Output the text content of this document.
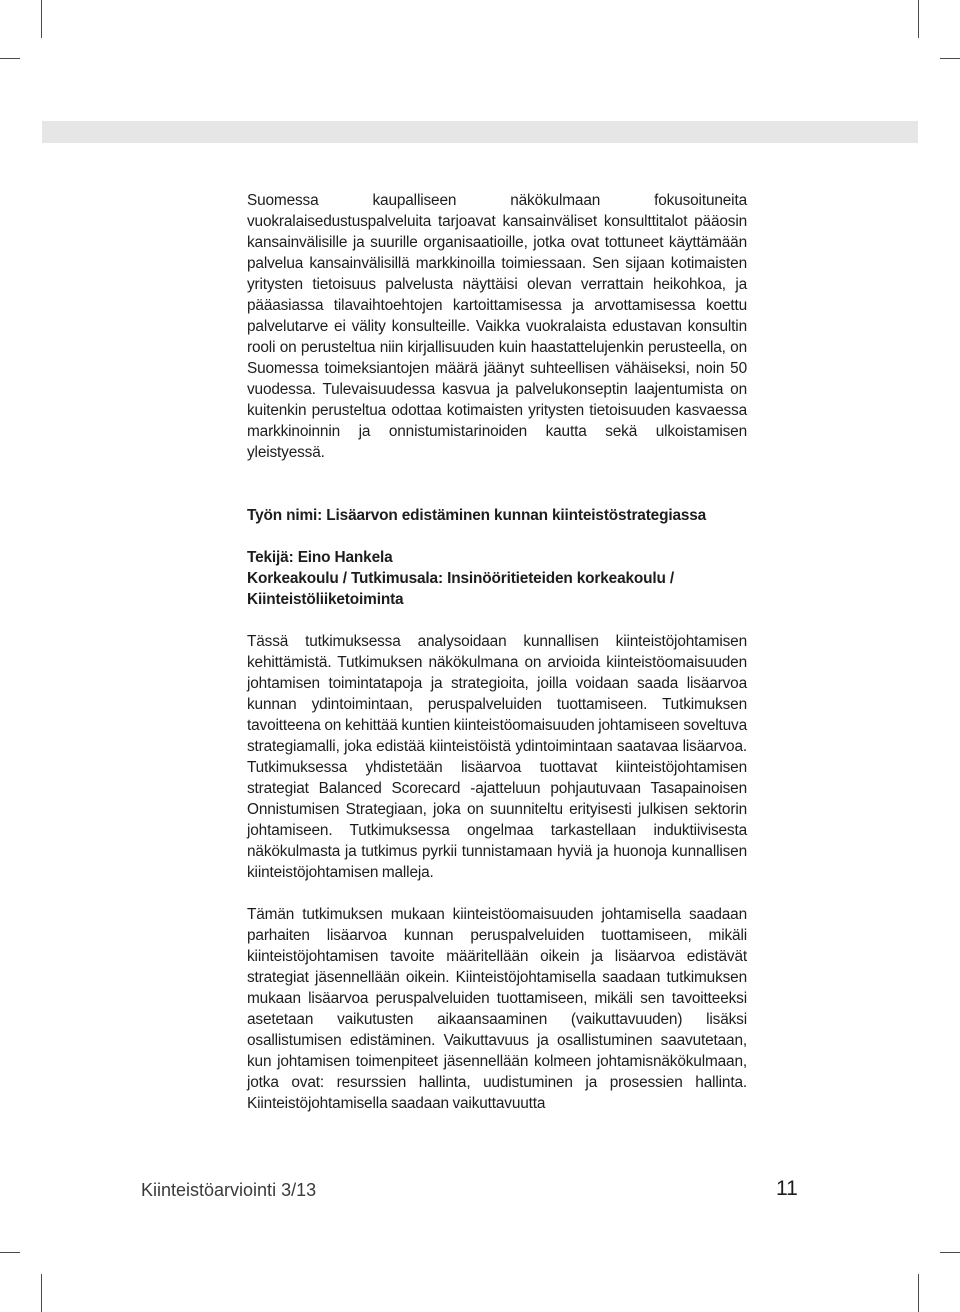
Suomessa kaupalliseen näkökulmaan fokusoituneita vuokralaisedustuspalveluita tarjoavat kansainväliset konsulttitalot pääosin kansainvälisille ja suurille organisaatioille, jotka ovat tottuneet käyttämään palvelua kansainvälisillä markkinoilla toimiessaan. Sen sijaan kotimaisten yritysten tietoisuus palvelusta näyttäisi olevan verrattain heikohkoa, ja pääasiassa tilavaihtoehtojen kartoittamisessa ja arvottamisessa koettu palvelutarve ei välity konsulteille. Vaikka vuokralaista edustavan konsultin rooli on perusteltua niin kirjallisuuden kuin haastattelujenkin perusteella, on Suomessa toimeksiantojen määrä jäänyt suhteellisen vähäiseksi, noin 50 vuodessa. Tulevaisuudessa kasvua ja palvelukonseptin laajentumista on kuitenkin perusteltua odottaa kotimaisten yritysten tietoisuuden kasvaessa markkinoinnin ja onnistumistarinoiden kautta sekä ulkoistamisen yleistyessä.

Työn nimi: Lisäarvon edistäminen kunnan kiinteistöstrategiassa

Tekijä: Eino Hankela

Korkeakoulu / Tutkimusala: Insinööritieteiden korkeakoulu / Kiinteistöliiketoiminta

Tässä tutkimuksessa analysoidaan kunnallisen kiinteistöjohtamisen kehittämistä. Tutkimuksen näkökulmana on arvioida kiinteistöomaisuuden johtamisen toimintatapoja ja strategioita, joilla voidaan saada lisäarvoa kunnan ydintoimintaan, peruspalveluiden tuottamiseen. Tutkimuksen tavoitteena on kehittää kuntien kiinteistöomaisuuden johtamiseen soveltuva strategiamalli, joka edistää kiinteistöistä ydintoimintaan saatavaa lisäarvoa. Tutkimuksessa yhdistetään lisäarvoa tuottavat kiinteistöjohtamisen strategiat Balanced Scorecard -ajatteluun pohjautuvaan Tasapainoisen Onnistumisen Strategiaan, joka on suunniteltu erityisesti julkisen sektorin johtamiseen. Tutkimuksessa ongelmaa tarkastellaan induktiivisesta näkökulmasta ja tutkimus pyrkii tunnistamaan hyviä ja huonoja kunnallisen kiinteistöjohtamisen malleja.

Tämän tutkimuksen mukaan kiinteistöomaisuuden johtamisella saadaan parhaiten lisäarvoa kunnan peruspalveluiden tuottamiseen, mikäli kiinteistöjohtamisen tavoite määritellään oikein ja lisäarvoa edistävät strategiat jäsennellään oikein. Kiinteistöjohtamisella saadaan tutkimuksen mukaan lisäarvoa peruspalveluiden tuottamiseen, mikäli sen tavoitteeksi asetetaan vaikutusten aikaansaaminen (vaikuttavuuden) lisäksi osallistumisen edistäminen. Vaikuttavuus ja osallistuminen saavutetaan, kun johtamisen toimenpiteet jäsennellään kolmeen johtamisnäkökulmaan, jotka ovat: resurssien hallinta, uudistuminen ja prosessien hallinta. Kiinteistöjohtamisella saadaan vaikuttavuutta

Kiinteistöarviointi 3/13	11
